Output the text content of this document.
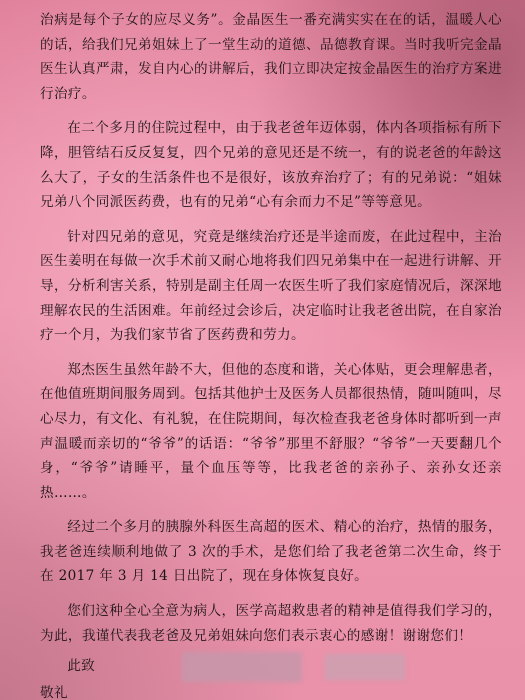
治病是每个子女的应尽义务”。金晶医生一番充满实实在在的话，温暖人心的话，给我们兄弟姐妹上了一堂生动的道德、品德教育课。当时我听完金晶医生认真严肃，发自内心的讲解后，我们立即决定按金晶医生的治疗方案进行治疗。

在二个多月的住院过程中，由于我老爸年迈体弱，体内各项指标有所下降，胆管结石反反复复，四个兄弟的意见还是不统一，有的说老爸的年龄这么大了，子女的生活条件也不是很好，该放弃治疗了；有的兄弟说：“姐妹兄弟八个同派医药费，也有的兄弟“心有余而力不足”等等意见。

针对四兄弟的意见，究竟是继续治疗还是半途而废，在此过程中，主治医生姜明在每做一次手术前又耐心地将我们四兄弟集中在一起进行讲解、开导，分析利害关系，特别是副主任周一农医生听了我们家庭情况后，深深地理解农民的生活困难。年前经过会诊后，决定临时让我老爸出院，在自家治疗一个月，为我们家节省了医药费和劳力。

郑杰医生虽然年龄不大，但他的态度和谐，关心体贴，更会理解患者，在他值班期间服务周到。包括其他护士及医务人员都很热情，随叫随叫，尽心尽力，有文化、有礼貌，在住院期间，每次检查我老爸身体时都听到一声声温暖而亲切的“爷爷”的话语：“爷爷”那里不舒服？“爷爷”一天要翻几个身，“爷爷”请睡平，量个血压等等，比我老爸的亲孙子、亲孙女还亲热……。

经过二个多月的胰腺外科医生高超的医术、精心的治疗，热情的服务，我老爸连续顺利地做了 3 次的手术，是您们给了我老爸第二次生命，终于在 2017 年 3 月 14 日出院了，现在身体恢复良好。

您们这种全心全意为病人，医学高超救患者的精神是值得我们学习的，为此，我谨代表我老爸及兄弟姐妹向您们表示衷心的感谢！谢谢您们！

此致

敬礼
